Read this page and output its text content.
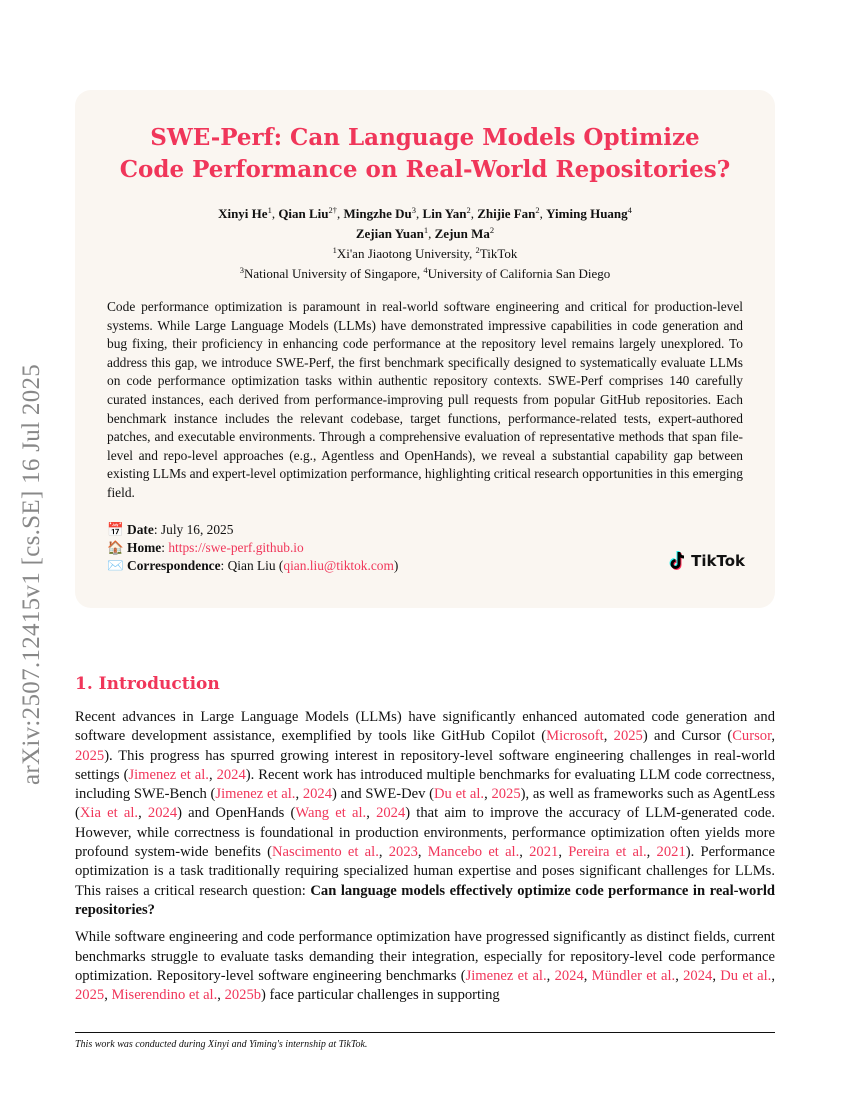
arXiv:2507.12415v1 [cs.SE] 16 Jul 2025
SWE-Perf: Can Language Models Optimize
Code Performance on Real-World Repositories?
Xinyi He$^1$, Qian Liu$^{2\dagger}$, Mingzhe Du$^3$, Lin Yan$^2$, Zhijie Fan$^2$, Yiming Huang$^4$
Zejian Yuan$^1$, Zejun Ma$^2$
$^1$Xi'an Jiaotong University, $^2$TikTok
$^3$National University of Singapore, $^4$University of California San Diego
Code performance optimization is paramount in real-world software engineering and critical for production-level systems. While Large Language Models (LLMs) have demonstrated impressive capabilities in code generation and bug fixing, their proficiency in enhancing code performance at the repository level remains largely unexplored. To address this gap, we introduce SWE-Perf, the first benchmark specifically designed to systematically evaluate LLMs on code performance optimization tasks within authentic repository contexts. SWE-Perf comprises 140 carefully curated instances, each derived from performance-improving pull requests from popular GitHub repositories. Each benchmark instance includes the relevant codebase, target functions, performance-related tests, expert-authored patches, and executable environments. Through a comprehensive evaluation of representative methods that span file-level and repo-level approaches (e.g., Agentless and OpenHands), we reveal a substantial capability gap between existing LLMs and expert-level optimization performance, highlighting critical research opportunities in this emerging field.
📅 Date: July 16, 2025
🏠 Home: https://swe-perf.github.io
✉️ Correspondence: Qian Liu (qian.liu@tiktok.com)	TikTok
1. Introduction
Recent advances in Large Language Models (LLMs) have significantly enhanced automated code generation and software development assistance, exemplified by tools like GitHub Copilot (Microsoft, 2025) and Cursor (Cursor, 2025). This progress has spurred growing interest in repository-level software engineering challenges in real-world settings (Jimenez et al., 2024). Recent work has introduced multiple benchmarks for evaluating LLM code correctness, including SWE-Bench (Jimenez et al., 2024) and SWE-Dev (Du et al., 2025), as well as frameworks such as AgentLess (Xia et al., 2024) and OpenHands (Wang et al., 2024) that aim to improve the accuracy of LLM-generated code. However, while correctness is foundational in production environments, performance optimization often yields more profound system-wide benefits (Nascimento et al., 2023, Mancebo et al., 2021, Pereira et al., 2021). Performance optimization is a task traditionally requiring specialized human expertise and poses significant challenges for LLMs. This raises a critical research question: Can language models effectively optimize code performance in real-world repositories?
While software engineering and code performance optimization have progressed significantly as distinct fields, current benchmarks struggle to evaluate tasks demanding their integration, especially for repository-level code performance optimization. Repository-level software engineering benchmarks (Jimenez et al., 2024, Mündler et al., 2024, Du et al., 2025, Miserendino et al., 2025b) face particular challenges in supporting
This work was conducted during Xinyi and Yiming's internship at TikTok.
